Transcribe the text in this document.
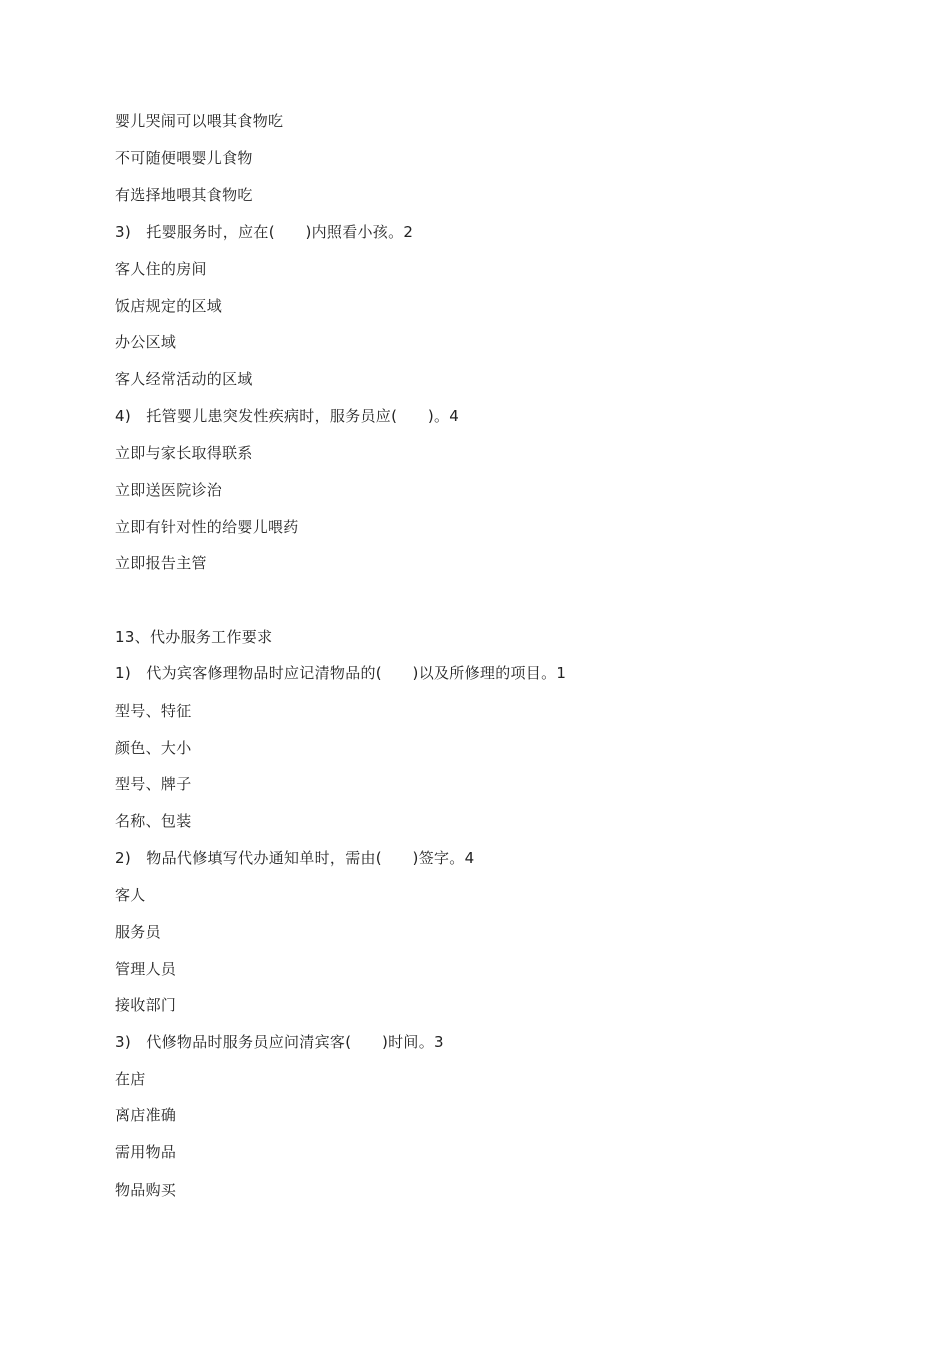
婴儿哭闹可以喂其食物吃
不可随便喂婴儿食物
有选择地喂其食物吃
3)　托婴服务时，应在(　　)内照看小孩。2
客人住的房间
饭店规定的区域
办公区域
客人经常活动的区域
4)　托管婴儿患突发性疾病时，服务员应(　　)。4
立即与家长取得联系
立即送医院诊治
立即有针对性的给婴儿喂药
立即报告主管
13、代办服务工作要求
1)　代为宾客修理物品时应记清物品的(　　)以及所修理的项目。1
型号、特征
颜色、大小
型号、牌子
名称、包装
2)　物品代修填写代办通知单时，需由(　　)签字。4
客人
服务员
管理人员
接收部门
3)　代修物品时服务员应问清宾客(　　)时间。3
在店
离店准确
需用物品
物品购买
